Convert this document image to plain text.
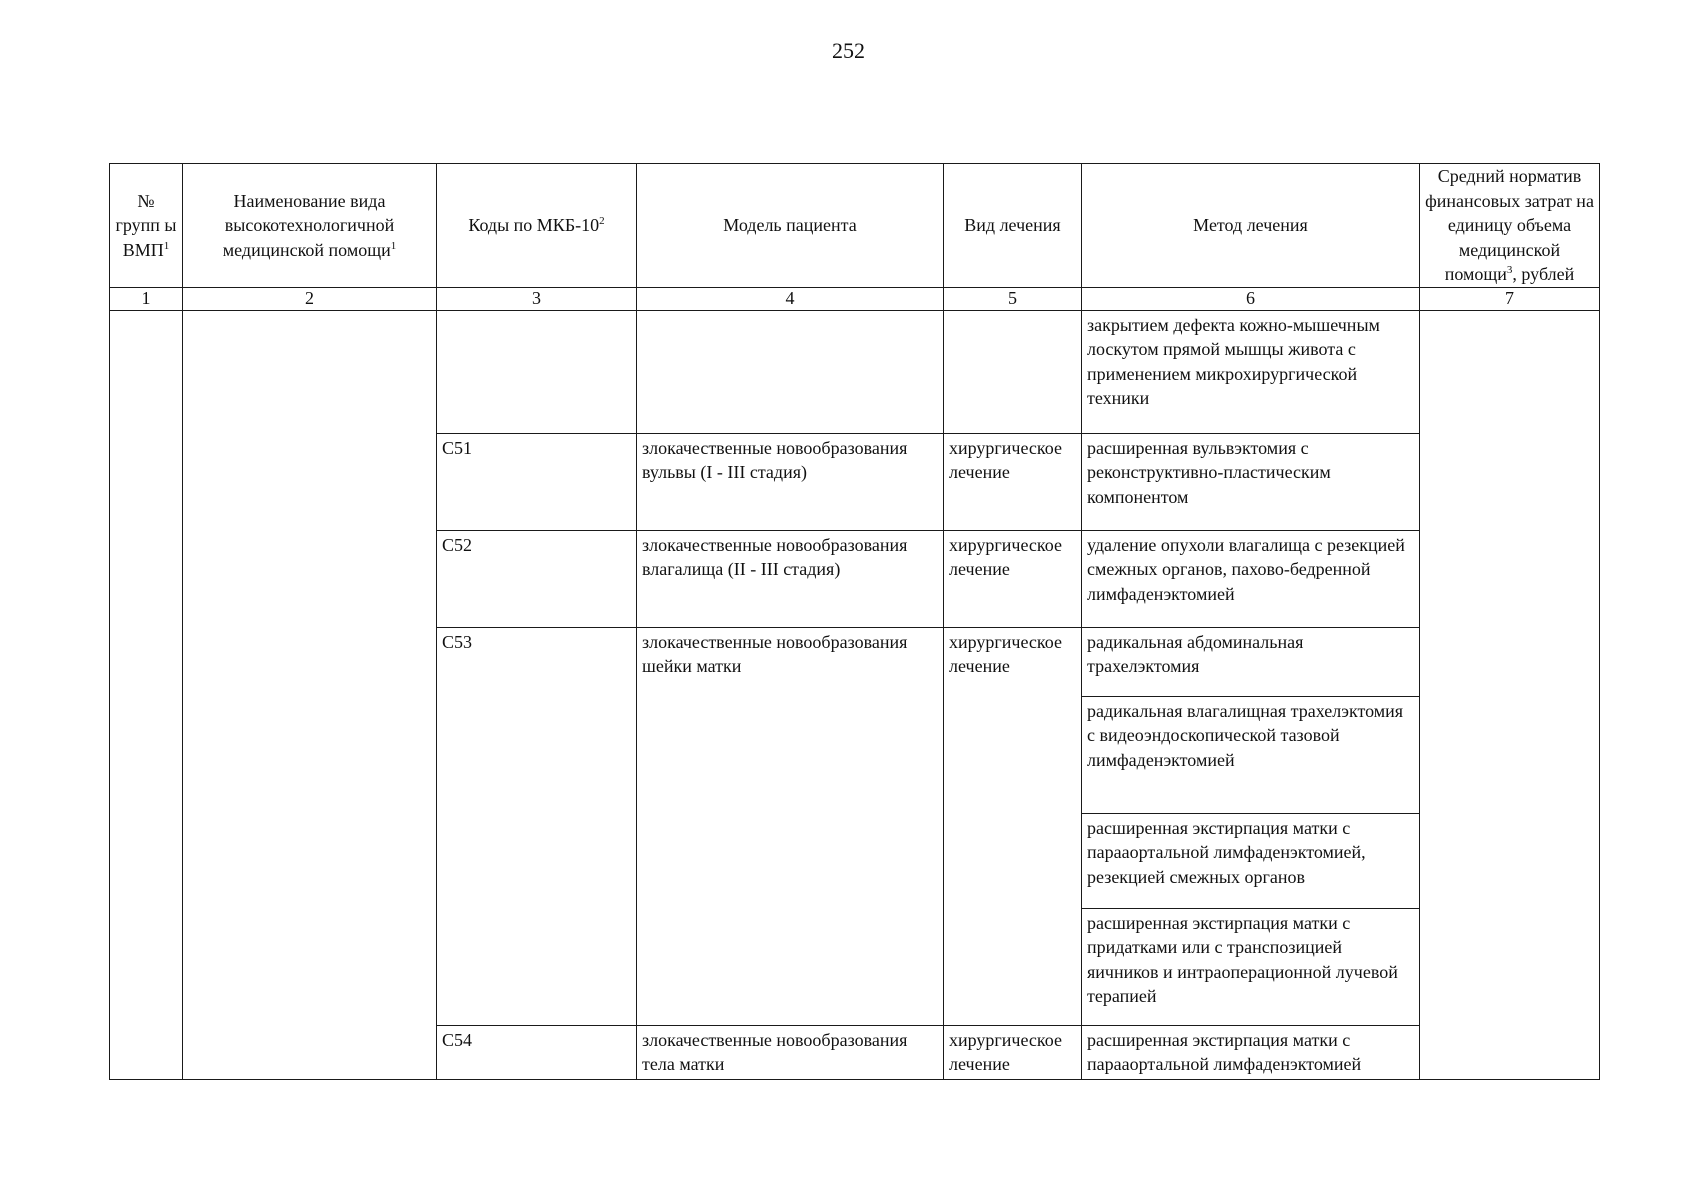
252
№ групп ы ВМП$^1$	Наименование вида высокотехнологичной медицинской помощи$^1$	Коды по МКБ-$10^2$	Модель пациента	Вид лечения	Метод лечения	Средний норматив финансовых затрат на единицу объема медицинской помощи$^3$, рублей
1	2	3	4	5	6	7
					закрытием дефекта кожно-мышечным лоскутом прямой мышцы живота с применением микрохирургической техники	
		C51	злокачественные новообразования вульвы (I - III стадия)	хирургическое лечение	расширенная вульвэктомия с реконструктивно-пластическим компонентом	
		C52	злокачественные новообразования влагалища (II - III стадия)	хирургическое лечение	удаление опухоли влагалища с резекцией смежных органов, пахово-бедренной лимфаденэктомией	
		C53	злокачественные новообразования шейки матки	хирургическое лечение	радикальная абдоминальная трахелэктомия	
					радикальная влагалищная трахелэктомия с видеоэндоскопической тазовой лимфаденэктомией	
					расширенная экстирпация матки с парааортальной лимфаденэктомией, резекцией смежных органов	
					расширенная экстирпация матки с придатками или с транспозицией яичников и интраоперационной лучевой терапией	
		C54	злокачественные новообразования тела матки	хирургическое лечение	расширенная экстирпация матки с парааортальной лимфаденэктомией	
